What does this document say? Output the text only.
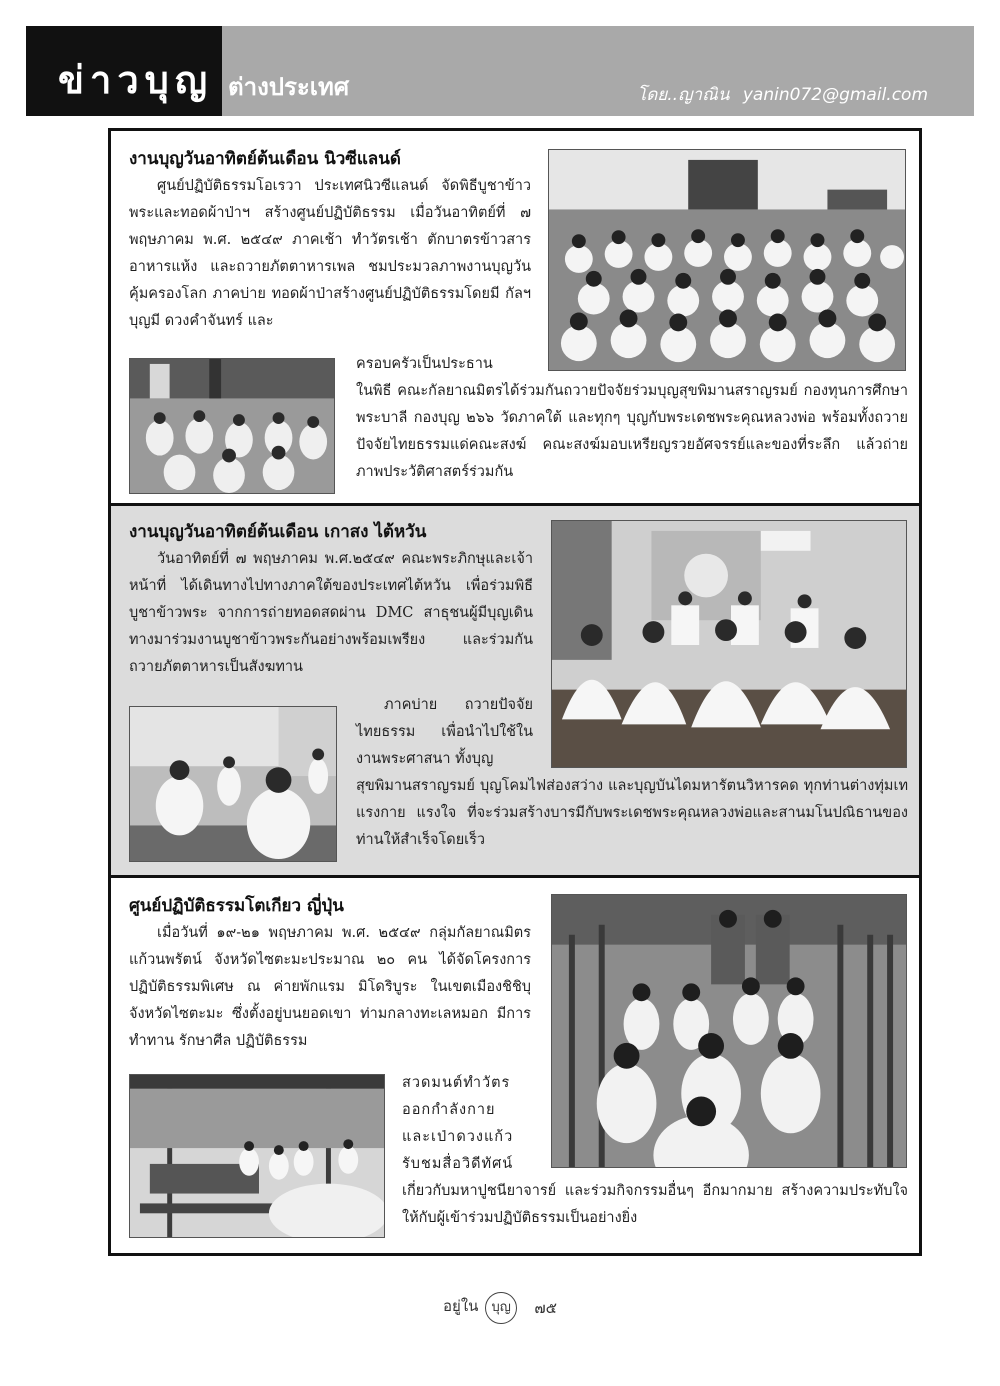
ข่าวบุญ ต่างประเทศ	โดย..ญาณิน yanin072@gmail.com
งานบุญวันอาทิตย์ต้นเดือน นิวซีแลนด์

ศูนย์ปฏิบัติธรรมโอเรวา ประเทศนิวซีแลนด์ จัดพิธีบูชาข้าวพระและทอดผ้าป่าฯ สร้างศูนย์ปฏิบัติธรรม เมื่อวันอาทิตย์ที่ ๗ พฤษภาคม พ.ศ. ๒๕๔๙ ภาคเช้า ทำวัตรเช้า ตักบาตรข้าวสารอาหารแห้ง และถวายภัตตาหารเพล ชมประมวลภาพงานบุญวันคุ้มครองโลก ภาคบ่าย ทอดผ้าป่าสร้างศูนย์ปฏิบัติธรรมโดยมี กัลฯ บุญมี ดวงคำจันทร์ และ

ครอบครัวเป็นประธาน

ในพิธี คณะกัลยาณมิตรได้ร่วมกันถวายปัจจัยร่วมบุญสุขพิมานสราญรมย์ กองทุนการศึกษาพระบาลี กองบุญ ๒๖๖ วัดภาคใต้ และทุกๆ บุญกับพระเดชพระคุณหลวงพ่อ พร้อมทั้งถวายปัจจัยไทยธรรมแด่คณะสงฆ์ คณะสงฆ์มอบเหรียญรวยอัศจรรย์และของที่ระลึก แล้วถ่ายภาพประวัติศาสตร์ร่วมกัน

งานบุญวันอาทิตย์ต้นเดือน เกาสง ไต้หวัน

วันอาทิตย์ที่ ๗ พฤษภาคม พ.ศ.๒๕๔๙ คณะพระภิกษุและเจ้าหน้าที่ ได้เดินทางไปทางภาคใต้ของประเทศไต้หวัน เพื่อร่วมพิธีบูชาข้าวพระ จากการถ่ายทอดสดผ่าน DMC สาธุชนผู้มีบุญเดินทางมาร่วมงานบูชาข้าวพระกันอย่างพร้อมเพรียง และร่วมกันถวายภัตตาหารเป็นสังฆทาน

ภาคบ่าย ถวายปัจจัยไทยธรรม เพื่อนำไปใช้ในงานพระศาสนา ทั้งบุญ

สุขพิมานสราญรมย์ บุญโคมไฟส่องสว่าง และบุญบันไดมหารัตนวิหารคด ทุกท่านต่างทุ่มเทแรงกาย แรงใจ ที่จะร่วมสร้างบารมีกับพระเดชพระคุณหลวงพ่อและสานมโนปณิธานของท่านให้สำเร็จโดยเร็ว

ศูนย์ปฏิบัติธรรมโตเกียว ญี่ปุ่น

เมื่อวันที่ ๑๙-๒๑ พฤษภาคม พ.ศ. ๒๕๔๙ กลุ่มกัลยาณมิตรแก้วนพรัตน์ จังหวัดไซตะมะประมาณ ๒๐ คน ได้จัดโครงการปฏิบัติธรรมพิเศษ ณ ค่ายพักแรม มิโดริบูระ ในเขตเมืองชิชิบุ จังหวัดไซตะมะ ซึ่งตั้งอยู่บนยอดเขา ท่ามกลางทะเลหมอก มีการทำทาน รักษาศีล ปฏิบัติธรรม

สวดมนต์ทำวัตร ออกกำลังกาย และเป่าดวงแก้ว รับชมสื่อวิดีทัศน์

เกี่ยวกับมหาปูชนียาจารย์ และร่วมกิจกรรมอื่นๆ อีกมากมาย สร้างความประทับใจให้กับผู้เข้าร่วมปฏิบัติธรรมเป็นอย่างยิ่ง

อยู่ใน บุญ ๗๕
